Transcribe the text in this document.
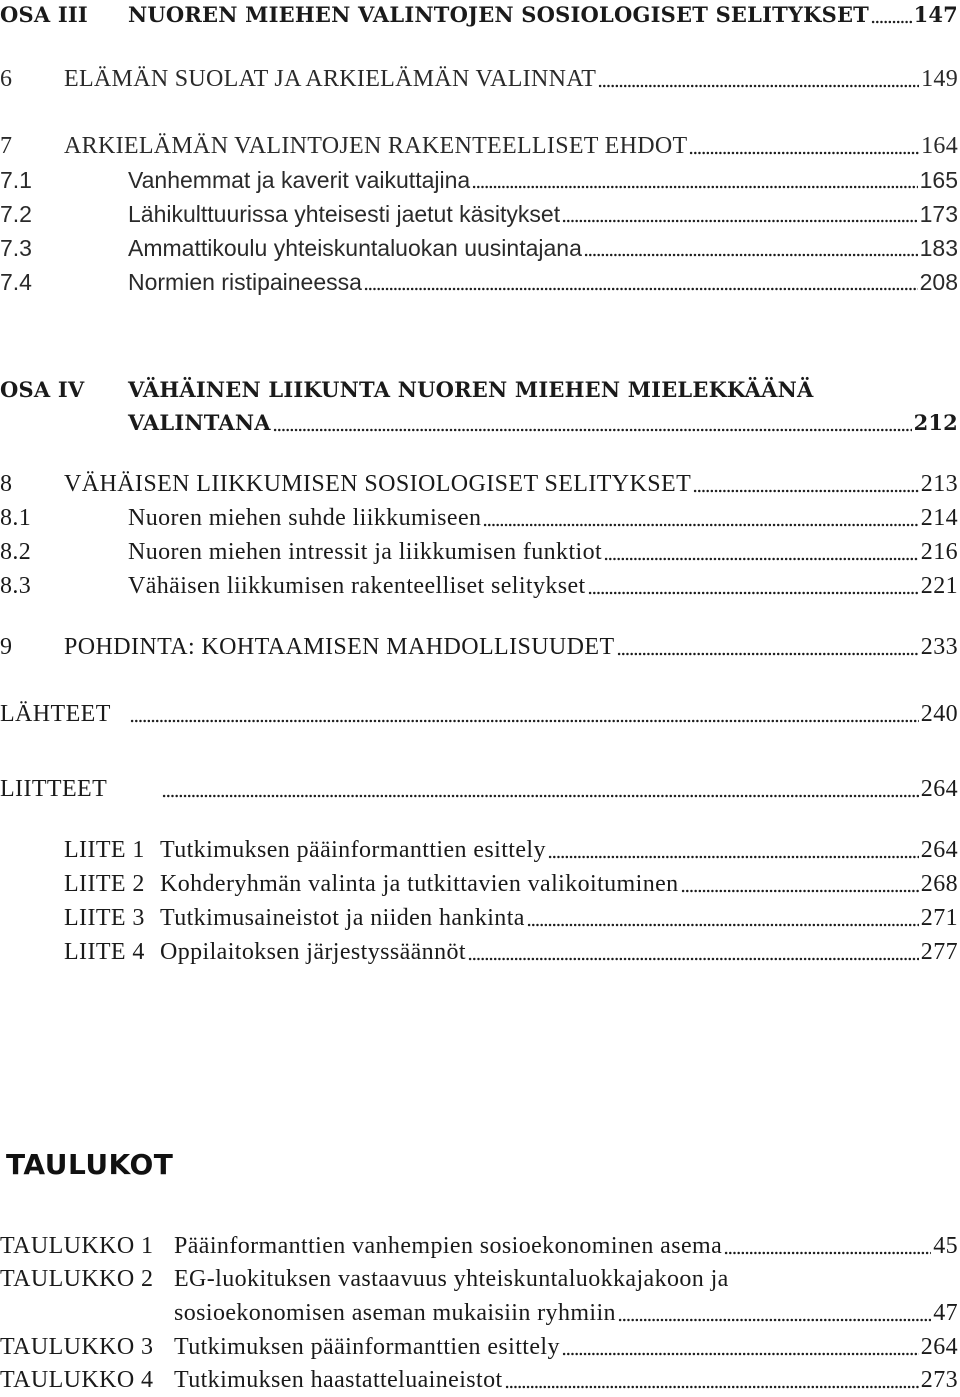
OSA III	NUOREN MIEHEN VALINTOJEN SOSIOLOGISET SELITYKSET 147
6	ELÄMÄN SUOLAT JA ARKIELÄMÄN VALINNAT	149
7	ARKIELÄMÄN VALINTOJEN RAKENTEELLISET EHDOT	164
7.1	Vanhemmat ja kaverit vaikuttajina	165
7.2	Lähikulttuurissa yhteisesti jaetut käsitykset	173
7.3	Ammattikoulu yhteiskuntaluokan uusintajana	183
7.4	Normien ristipaineessa	208
OSA IV	VÄHÄINEN LIIKUNTA NUOREN MIEHEN MIELEKKÄÄNÄ
VALINTANA	212
8	VÄHÄISEN LIIKKUMISEN SOSIOLOGISET SELITYKSET	213
8.1	Nuoren miehen suhde liikkumiseen	214
8.2	Nuoren miehen intressit ja liikkumisen funktiot	216
8.3	Vähäisen liikkumisen rakenteelliset selitykset	221
9	POHDINTA: KOHTAAMISEN MAHDOLLISUUDET	233
LÄHTEET	240
LIITTEET	264
LIITE 1 Tutkimuksen pääinformanttien esittely	264
LIITE 2 Kohderyhmän valinta ja tutkittavien valikoituminen	268
LIITE 3 Tutkimusaineistot ja niiden hankinta	271
LIITE 4 Oppilaitoksen järjestyssäännöt	277
TAULUKOT
TAULUKKO 1 Pääinformanttien vanhempien sosioekonominen asema	45
TAULUKKO 2 EG-luokituksen vastaavuus yhteiskuntaluokkajakoon ja
sosioekonomisen aseman mukaisiin ryhmiin	47
TAULUKKO 3 Tutkimuksen pääinformanttien esittely	264
TAULUKKO 4 Tutkimuksen haastatteluaineistot	273
